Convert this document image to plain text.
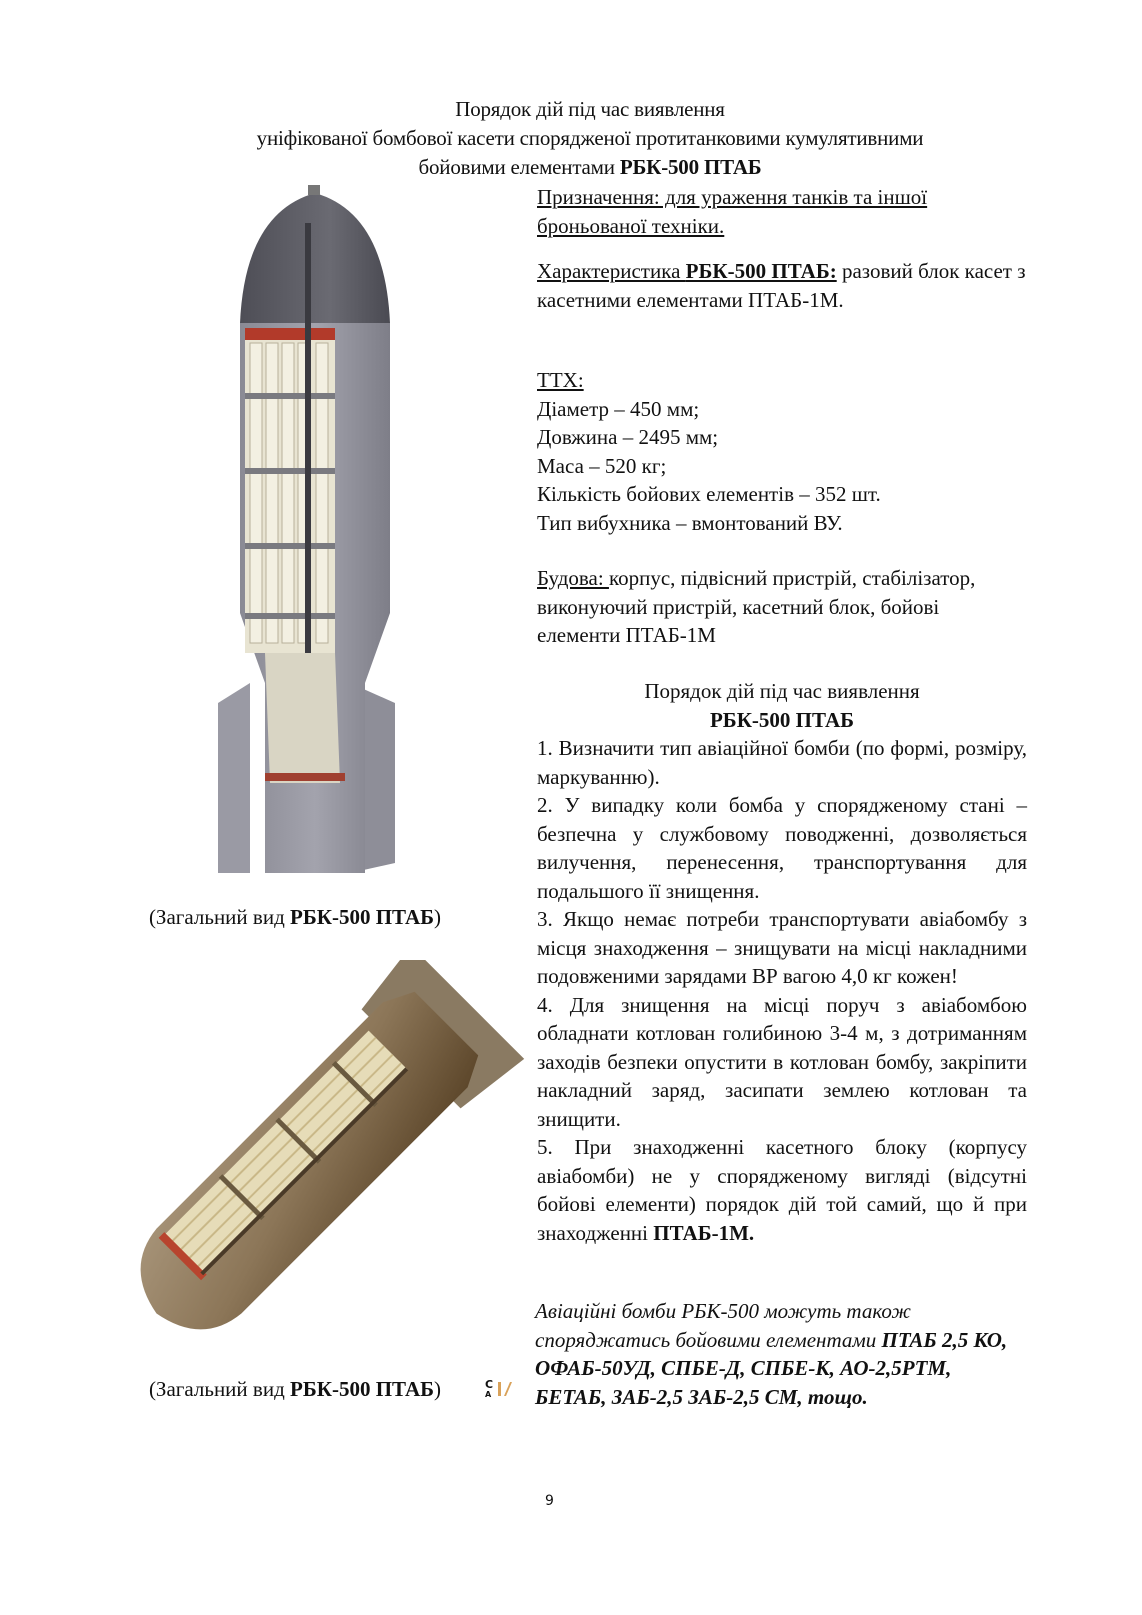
Порядок дій під час виявлення
уніфікованої бомбової касети спорядженої протитанковими кумулятивними
бойовими елементами РБК-500 ПТАБ
Призначення: для ураження танків та іншої броньованої техніки.
Характеристика РБК-500 ПТАБ: разовий блок касет з касетними елементами ПТАБ-1М.
ТТХ:
Діаметр – 450 мм;
Довжина – 2495 мм;
Маса – 520 кг;
Кількість бойових елементів – 352 шт.
Тип вибухника – вмонтований ВУ.
Будова: корпус, підвісний пристрій, стабілізатор, виконуючий пристрій, касетний блок, бойові елементи ПТАБ-1М
Порядок дій під час виявлення
РБК-500 ПТАБ
1. Визначити тип авіаційної бомби (по формі, розміру, маркуванню).
2. У випадку коли бомба у спорядженому стані – безпечна у службовому поводженні, дозволяється вилучення, перенесення, транспортування для подальшого її знищення.
3. Якщо немає потреби транспортувати авіабомбу з місця знаходження – знищувати на місці накладними подовженими зарядами ВР вагою 4,0 кг кожен!
4. Для знищення на місці поруч з авіабомбою обладнати котлован голибиною 3-4 м, з дотриманням заходів безпеки опустити в котлован бомбу, закріпити накладний заряд, засипати землею котлован та знищити.
5. При знаходженні касетного блоку (корпусу авіабомби) не у спорядженому вигляді (відсутні бойові елементи) порядок дій той самий, що й при знаходженні ПТАБ-1М.
Авіаційні бомби РБК-500 можуть також споряджатись бойовими елементами ПТАБ 2,5 КО, ОФАБ-50УД, СПБЕ-Д, СПБЕ-К, АО-2,5РТМ, БЕТАБ, ЗАБ-2,5 ЗАБ-2,5 СМ, тощо.
(Загальний вид РБК-500 ПТАБ)
(Загальний вид РБК-500 ПТАБ)	C
A
9
